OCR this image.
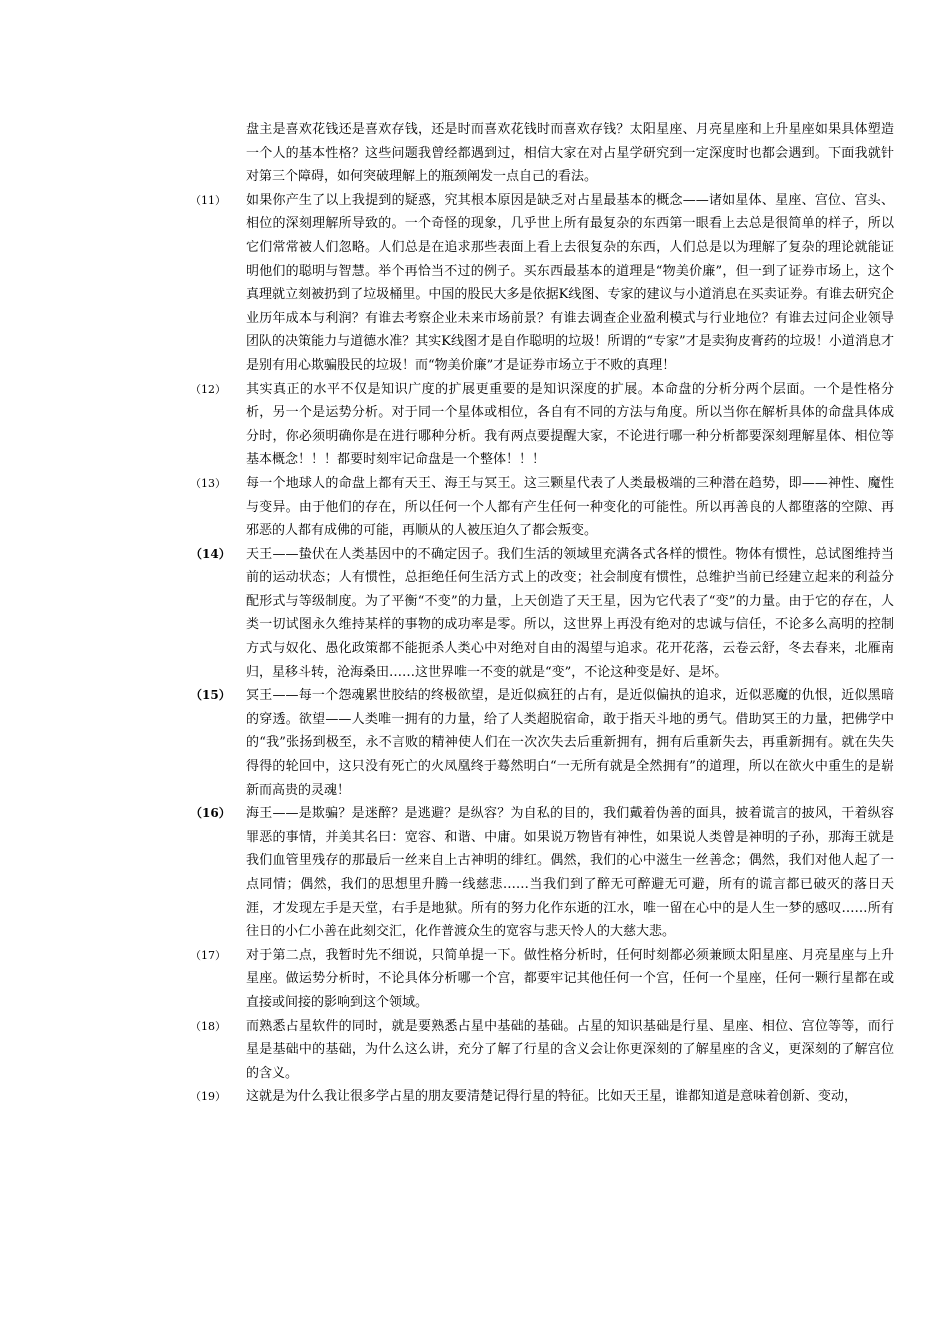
盘主是喜欢花钱还是喜欢存钱，还是时而喜欢花钱时而喜欢存钱？太阳星座、月亮星座和上升星座如果具体塑造一个人的基本性格？这些问题我曾经都遇到过，相信大家在对占星学研究到一定深度时也都会遇到。下面我就针对第三个障碍，如何突破理解上的瓶颈阐发一点自己的看法。
（11）	如果你产生了以上我提到的疑惑，究其根本原因是缺乏对占星最基本的概念——诸如星体、星座、宫位、宫头、相位的深刻理解所导致的。一个奇怪的现象，几乎世上所有最复杂的东西第一眼看上去总是很简单的样子，所以它们常常被人们忽略。人们总是在追求那些表面上看上去很复杂的东西，人们总是以为理解了复杂的理论就能证明他们的聪明与智慧。举个再恰当不过的例子。买东西最基本的道理是“物美价廉”，但一到了证券市场上，这个真理就立刻被扔到了垃圾桶里。中国的股民大多是依据K线图、专家的建议与小道消息在买卖证券。有谁去研究企业历年成本与利润？有谁去考察企业未来市场前景？有谁去调查企业盈利模式与行业地位？有谁去过问企业领导团队的决策能力与道德水准？其实K线图才是自作聪明的垃圾！所谓的“专家”才是卖狗皮膏药的垃圾！小道消息才是别有用心欺骗股民的垃圾！而“物美价廉”才是证券市场立于不败的真理！
（12）	其实真正的水平不仅是知识广度的扩展更重要的是知识深度的扩展。本命盘的分析分两个层面。一个是性格分析，另一个是运势分析。对于同一个星体或相位，各自有不同的方法与角度。所以当你在解析具体的命盘具体成分时，你必须明确你是在进行哪种分析。我有两点要提醒大家，不论进行哪一种分析都要深刻理解星体、相位等基本概念！！！都要时刻牢记命盘是一个整体！！！
（13）	每一个地球人的命盘上都有天王、海王与冥王。这三颗星代表了人类最极端的三种潜在趋势，即——神性、魔性与变异。由于他们的存在，所以任何一个人都有产生任何一种变化的可能性。所以再善良的人都堕落的空隙、再邪恶的人都有成佛的可能，再顺从的人被压迫久了都会叛变。
（14）	天王——蛰伏在人类基因中的不确定因子。我们生活的领域里充满各式各样的惯性。物体有惯性，总试图维持当前的运动状态；人有惯性，总拒绝任何生活方式上的改变；社会制度有惯性，总维护当前已经建立起来的利益分配形式与等级制度。为了平衡“不变”的力量，上天创造了天王星，因为它代表了“变”的力量。由于它的存在，人类一切试图永久维持某样的事物的成功率是零。所以，这世界上再没有绝对的忠诚与信任，不论多么高明的控制方式与奴化、愚化政策都不能扼杀人类心中对绝对自由的渴望与追求。花开花落，云卷云舒，冬去春来，北雁南归，星移斗转，沧海桑田……这世界唯一不变的就是“变”，不论这种变是好、是坏。
（15）	冥王——每一个怨魂累世胶结的终极欲望，是近似疯狂的占有，是近似偏执的追求，近似恶魔的仇恨，近似黑暗的穿透。欲望——人类唯一拥有的力量，给了人类超脱宿命，敢于指天斗地的勇气。借助冥王的力量，把佛学中的“我”张扬到极至，永不言败的精神使人们在一次次失去后重新拥有，拥有后重新失去，再重新拥有。就在失失得得的轮回中，这只没有死亡的火凤凰终于蓦然明白“一无所有就是全然拥有”的道理，所以在欲火中重生的是崭新而高贵的灵魂！
（16）	海王——是欺骗？是迷醉？是逃避？是纵容？为自私的目的，我们戴着伪善的面具，披着谎言的披风，干着纵容罪恶的事情，并美其名曰：宽容、和谐、中庸。如果说万物皆有神性，如果说人类曾是神明的子孙，那海王就是我们血管里残存的那最后一丝来自上古神明的绯红。偶然，我们的心中滋生一丝善念；偶然，我们对他人起了一点同情；偶然，我们的思想里升腾一线慈悲……当我们到了醉无可醉避无可避，所有的谎言都已破灭的落日天涯，才发现左手是天堂，右手是地狱。所有的努力化作东逝的江水，唯一留在心中的是人生一梦的感叹……所有往日的小仁小善在此刻交汇，化作普渡众生的宽容与悲天怜人的大慈大悲。
（17）	对于第二点，我暂时先不细说，只简单提一下。做性格分析时，任何时刻都必须兼顾太阳星座、月亮星座与上升星座。做运势分析时，不论具体分析哪一个宫，都要牢记其他任何一个宫，任何一个星座，任何一颗行星都在或直接或间接的影响到这个领域。
（18）	而熟悉占星软件的同时，就是要熟悉占星中基础的基础。占星的知识基础是行星、星座、相位、宫位等等，而行星是基础中的基础，为什么这么讲，充分了解了行星的含义会让你更深刻的了解星座的含义，更深刻的了解宫位的含义。
（19）	这就是为什么我让很多学占星的朋友要清楚记得行星的特征。比如天王星，谁都知道是意味着创新、变动，
